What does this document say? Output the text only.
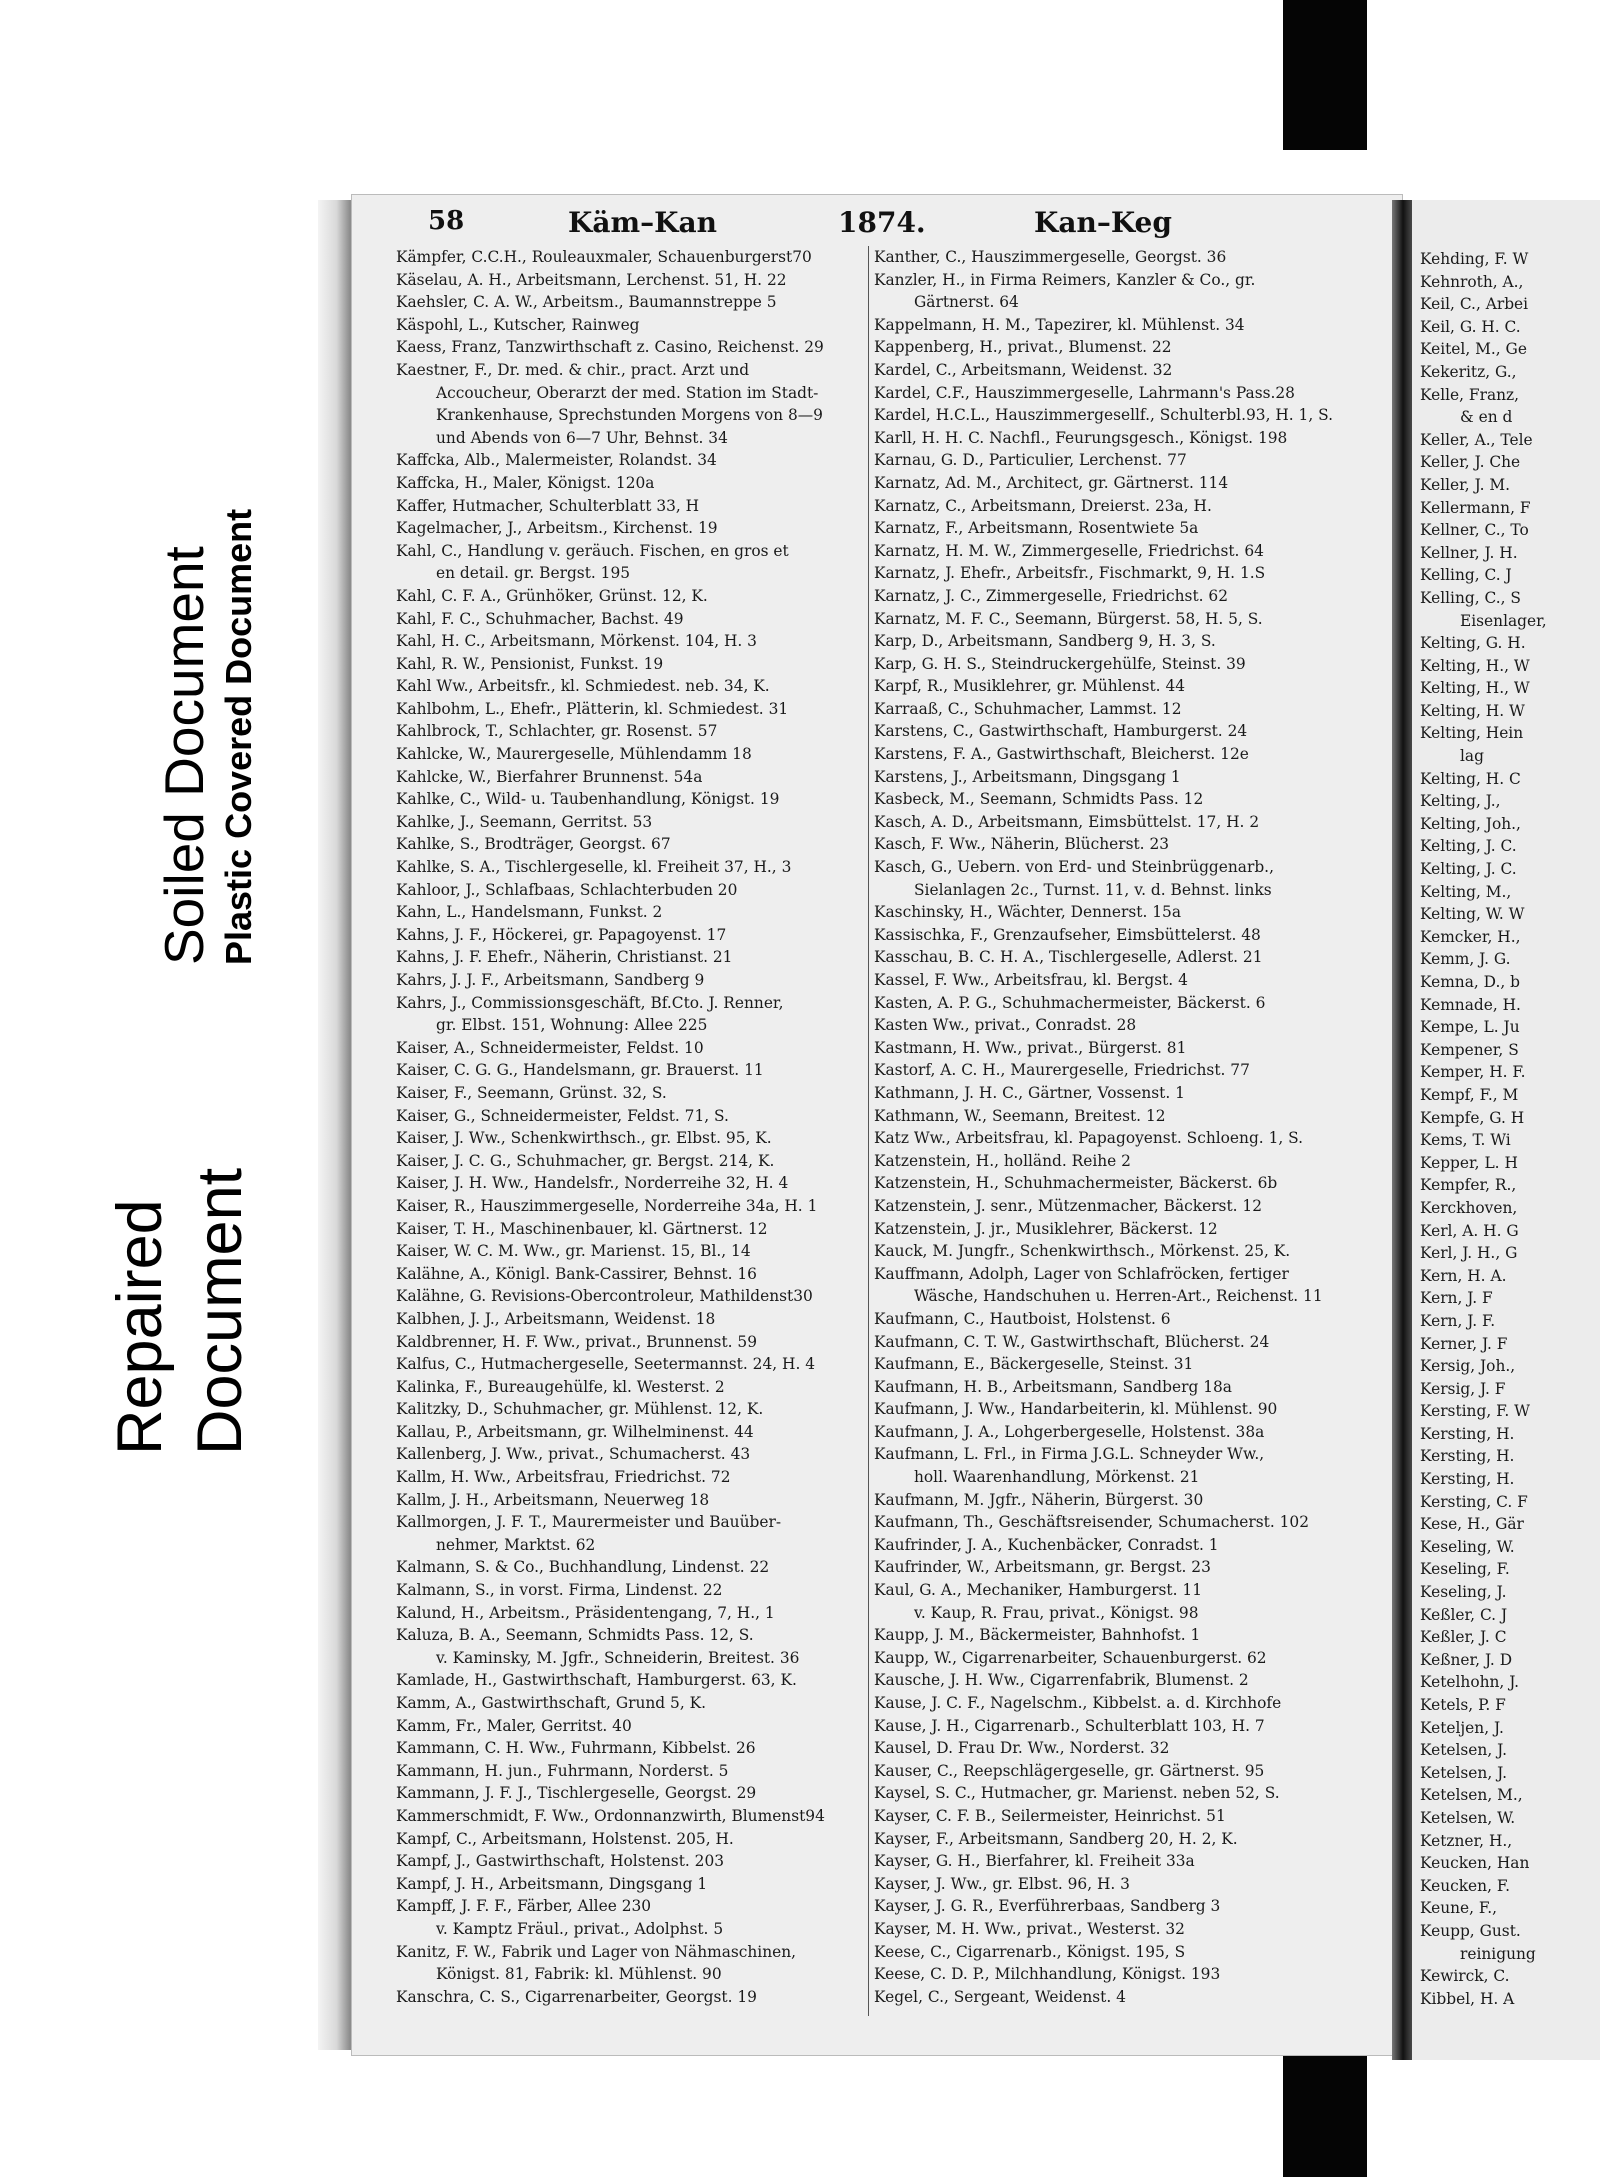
Soiled Document Plastic Covered Document
Repaired Document
Kehding, F. W
Kehnroth, A.,
Keil, C., Arbei
Keil, G. H. C.
Keitel, M., Ge
Kekeritz, G.,
Kelle, Franz,
& en d
Keller, A., Tele
Keller, J. Che
Keller, J. M.
Kellermann, F
Kellner, C., To
Kellner, J. H.
Kelling, C. J
Kelling, C., S
Eisenlager,
Kelting, G. H.
Kelting, H., W
Kelting, H., W
Kelting, H. W
Kelting, Hein
lag
Kelting, H. C
Kelting, J.,
Kelting, Joh.,
Kelting, J. C.
Kelting, J. C.
Kelting, M.,
Kelting, W. W
Kemcker, H.,
Kemm, J. G.
Kemna, D., b
Kemnade, H.
Kempe, L. Ju
Kempener, S
Kemper, H. F.
Kempf, F., M
Kempfe, G. H
Kems, T. Wi
Kepper, L. H
Kempfer, R.,
Kerckhoven,
Kerl, A. H. G
Kerl, J. H., G
Kern, H. A.
Kern, J. F
Kern, J. F.
Kerner, J. F
Kersig, Joh.,
Kersig, J. F
Kersting, F. W
Kersting, H.
Kersting, H.
Kersting, H.
Kersting, C. F
Kese, H., Gär
Keseling, W.
Keseling, F.
Keseling, J.
Keßler, C. J
Keßler, J. C
Keßner, J. D
Ketelhohn, J.
Ketels, P. F
Keteljen, J.
Ketelsen, J.
Ketelsen, J.
Ketelsen, M.,
Ketelsen, W.
Ketzner, H.,
Keucken, Han
Keucken, F.
Keune, F.,
Keupp, Gust.
reinigung
Kewirck, C.
Kibbel, H. A
58	Käm–Kan	1874.	Kan–Keg
Kämpfer, C.C.H., Rouleauxmaler, Schauenburgerst70
Käselau, A. H., Arbeitsmann, Lerchenst. 51, H. 22
Kaehsler, C. A. W., Arbeitsm., Baumannstreppe 5
Käspohl, L., Kutscher, Rainweg
Kaess, Franz, Tanzwirthschaft z. Casino, Reichenst. 29
Kaestner, F., Dr. med. & chir., pract. Arzt und
Accoucheur, Oberarzt der med. Station im Stadt-
Krankenhause, Sprechstunden Morgens von 8—9
und Abends von 6—7 Uhr, Behnst. 34
Kaffcka, Alb., Malermeister, Rolandst. 34
Kaffcka, H., Maler, Königst. 120a
Kaffer, Hutmacher, Schulterblatt 33, H
Kagelmacher, J., Arbeitsm., Kirchenst. 19
Kahl, C., Handlung v. geräuch. Fischen, en gros et
en detail. gr. Bergst. 195
Kahl, C. F. A., Grünhöker, Grünst. 12, K.
Kahl, F. C., Schuhmacher, Bachst. 49
Kahl, H. C., Arbeitsmann, Mörkenst. 104, H. 3
Kahl, R. W., Pensionist, Funkst. 19
Kahl Ww., Arbeitsfr., kl. Schmiedest. neb. 34, K.
Kahlbohm, L., Ehefr., Plätterin, kl. Schmiedest. 31
Kahlbrock, T., Schlachter, gr. Rosenst. 57
Kahlcke, W., Maurergeselle, Mühlendamm 18
Kahlcke, W., Bierfahrer Brunnenst. 54a
Kahlke, C., Wild- u. Taubenhandlung, Königst. 19
Kahlke, J., Seemann, Gerritst. 53
Kahlke, S., Brodträger, Georgst. 67
Kahlke, S. A., Tischlergeselle, kl. Freiheit 37, H., 3
Kahloor, J., Schlafbaas, Schlachterbuden 20
Kahn, L., Handelsmann, Funkst. 2
Kahns, J. F., Höckerei, gr. Papagoyenst. 17
Kahns, J. F. Ehefr., Näherin, Christianst. 21
Kahrs, J. J. F., Arbeitsmann, Sandberg 9
Kahrs, J., Commissionsgeschäft, Bf.Cto. J. Renner,
gr. Elbst. 151, Wohnung: Allee 225
Kaiser, A., Schneidermeister, Feldst. 10
Kaiser, C. G. G., Handelsmann, gr. Brauerst. 11
Kaiser, F., Seemann, Grünst. 32, S.
Kaiser, G., Schneidermeister, Feldst. 71, S.
Kaiser, J. Ww., Schenkwirthsch., gr. Elbst. 95, K.
Kaiser, J. C. G., Schuhmacher, gr. Bergst. 214, K.
Kaiser, J. H. Ww., Handelsfr., Norderreihe 32, H. 4
Kaiser, R., Hauszimmergeselle, Norderreihe 34a, H. 1
Kaiser, T. H., Maschinenbauer, kl. Gärtnerst. 12
Kaiser, W. C. M. Ww., gr. Marienst. 15, Bl., 14
Kalähne, A., Königl. Bank-Cassirer, Behnst. 16
Kalähne, G. Revisions-Obercontroleur, Mathildenst30
Kalbhen, J. J., Arbeitsmann, Weidenst. 18
Kaldbrenner, H. F. Ww., privat., Brunnenst. 59
Kalfus, C., Hutmachergeselle, Seetermannst. 24, H. 4
Kalinka, F., Bureaugehülfe, kl. Westerst. 2
Kalitzky, D., Schuhmacher, gr. Mühlenst. 12, K.
Kallau, P., Arbeitsmann, gr. Wilhelminenst. 44
Kallenberg, J. Ww., privat., Schumacherst. 43
Kallm, H. Ww., Arbeitsfrau, Friedrichst. 72
Kallm, J. H., Arbeitsmann, Neuerweg 18
Kallmorgen, J. F. T., Maurermeister und Bauüber-
nehmer, Marktst. 62
Kalmann, S. & Co., Buchhandlung, Lindenst. 22
Kalmann, S., in vorst. Firma, Lindenst. 22
Kalund, H., Arbeitsm., Präsidentengang, 7, H., 1
Kaluza, B. A., Seemann, Schmidts Pass. 12, S.
v. Kaminsky, M. Jgfr., Schneiderin, Breitest. 36
Kamlade, H., Gastwirthschaft, Hamburgerst. 63, K.
Kamm, A., Gastwirthschaft, Grund 5, K.
Kamm, Fr., Maler, Gerritst. 40
Kammann, C. H. Ww., Fuhrmann, Kibbelst. 26
Kammann, H. jun., Fuhrmann, Norderst. 5
Kammann, J. F. J., Tischlergeselle, Georgst. 29
Kammerschmidt, F. Ww., Ordonnanzwirth, Blumenst94
Kampf, C., Arbeitsmann, Holstenst. 205, H.
Kampf, J., Gastwirthschaft, Holstenst. 203
Kampf, J. H., Arbeitsmann, Dingsgang 1
Kampff, J. F. F., Färber, Allee 230
v. Kamptz Fräul., privat., Adolphst. 5
Kanitz, F. W., Fabrik und Lager von Nähmaschinen,
Königst. 81, Fabrik: kl. Mühlenst. 90
Kanschra, C. S., Cigarrenarbeiter, Georgst. 19
Kanther, C., Hauszimmergeselle, Georgst. 36
Kanzler, H., in Firma Reimers, Kanzler & Co., gr.
Gärtnerst. 64
Kappelmann, H. M., Tapezirer, kl. Mühlenst. 34
Kappenberg, H., privat., Blumenst. 22
Kardel, C., Arbeitsmann, Weidenst. 32
Kardel, C.F., Hauszimmergeselle, Lahrmann's Pass.28
Kardel, H.C.L., Hauszimmergesellf., Schulterbl.93, H. 1, S.
Karll, H. H. C. Nachfl., Feurungsgesch., Königst. 198
Karnau, G. D., Particulier, Lerchenst. 77
Karnatz, Ad. M., Architect, gr. Gärtnerst. 114
Karnatz, C., Arbeitsmann, Dreierst. 23a, H.
Karnatz, F., Arbeitsmann, Rosentwiete 5a
Karnatz, H. M. W., Zimmergeselle, Friedrichst. 64
Karnatz, J. Ehefr., Arbeitsfr., Fischmarkt, 9, H. 1.S
Karnatz, J. C., Zimmergeselle, Friedrichst. 62
Karnatz, M. F. C., Seemann, Bürgerst. 58, H. 5, S.
Karp, D., Arbeitsmann, Sandberg 9, H. 3, S.
Karp, G. H. S., Steindruckergehülfe, Steinst. 39
Karpf, R., Musiklehrer, gr. Mühlenst. 44
Karraaß, C., Schuhmacher, Lammst. 12
Karstens, C., Gastwirthschaft, Hamburgerst. 24
Karstens, F. A., Gastwirthschaft, Bleicherst. 12e
Karstens, J., Arbeitsmann, Dingsgang 1
Kasbeck, M., Seemann, Schmidts Pass. 12
Kasch, A. D., Arbeitsmann, Eimsbüttelst. 17, H. 2
Kasch, F. Ww., Näherin, Blücherst. 23
Kasch, G., Uebern. von Erd- und Steinbrüggenarb.,
Sielanlagen 2c., Turnst. 11, v. d. Behnst. links
Kaschinsky, H., Wächter, Dennerst. 15a
Kassischka, F., Grenzaufseher, Eimsbüttelerst. 48
Kasschau, B. C. H. A., Tischlergeselle, Adlerst. 21
Kassel, F. Ww., Arbeitsfrau, kl. Bergst. 4
Kasten, A. P. G., Schuhmachermeister, Bäckerst. 6
Kasten Ww., privat., Conradst. 28
Kastmann, H. Ww., privat., Bürgerst. 81
Kastorf, A. C. H., Maurergeselle, Friedrichst. 77
Kathmann, J. H. C., Gärtner, Vossenst. 1
Kathmann, W., Seemann, Breitest. 12
Katz Ww., Arbeitsfrau, kl. Papagoyenst. Schloeng. 1, S.
Katzenstein, H., holländ. Reihe 2
Katzenstein, H., Schuhmachermeister, Bäckerst. 6b
Katzenstein, J. senr., Mützenmacher, Bäckerst. 12
Katzenstein, J. jr., Musiklehrer, Bäckerst. 12
Kauck, M. Jungfr., Schenkwirthsch., Mörkenst. 25, K.
Kauffmann, Adolph, Lager von Schlafröcken, fertiger
Wäsche, Handschuhen u. Herren-Art., Reichenst. 11
Kaufmann, C., Hautboist, Holstenst. 6
Kaufmann, C. T. W., Gastwirthschaft, Blücherst. 24
Kaufmann, E., Bäckergeselle, Steinst. 31
Kaufmann, H. B., Arbeitsmann, Sandberg 18a
Kaufmann, J. Ww., Handarbeiterin, kl. Mühlenst. 90
Kaufmann, J. A., Lohgerbergeselle, Holstenst. 38a
Kaufmann, L. Frl., in Firma J.G.L. Schneyder Ww.,
holl. Waarenhandlung, Mörkenst. 21
Kaufmann, M. Jgfr., Näherin, Bürgerst. 30
Kaufmann, Th., Geschäftsreisender, Schumacherst. 102
Kaufrinder, J. A., Kuchenbäcker, Conradst. 1
Kaufrinder, W., Arbeitsmann, gr. Bergst. 23
Kaul, G. A., Mechaniker, Hamburgerst. 11
v. Kaup, R. Frau, privat., Königst. 98
Kaupp, J. M., Bäckermeister, Bahnhofst. 1
Kaupp, W., Cigarrenarbeiter, Schauenburgerst. 62
Kausche, J. H. Ww., Cigarrenfabrik, Blumenst. 2
Kause, J. C. F., Nagelschm., Kibbelst. a. d. Kirchhofe
Kause, J. H., Cigarrenarb., Schulterblatt 103, H. 7
Kausel, D. Frau Dr. Ww., Norderst. 32
Kauser, C., Reepschlägergeselle, gr. Gärtnerst. 95
Kaysel, S. C., Hutmacher, gr. Marienst. neben 52, S.
Kayser, C. F. B., Seilermeister, Heinrichst. 51
Kayser, F., Arbeitsmann, Sandberg 20, H. 2, K.
Kayser, G. H., Bierfahrer, kl. Freiheit 33a
Kayser, J. Ww., gr. Elbst. 96, H. 3
Kayser, J. G. R., Everführerbaas, Sandberg 3
Kayser, M. H. Ww., privat., Westerst. 32
Keese, C., Cigarrenarb., Königst. 195, S
Keese, C. D. P., Milchhandlung, Königst. 193
Kegel, C., Sergeant, Weidenst. 4
